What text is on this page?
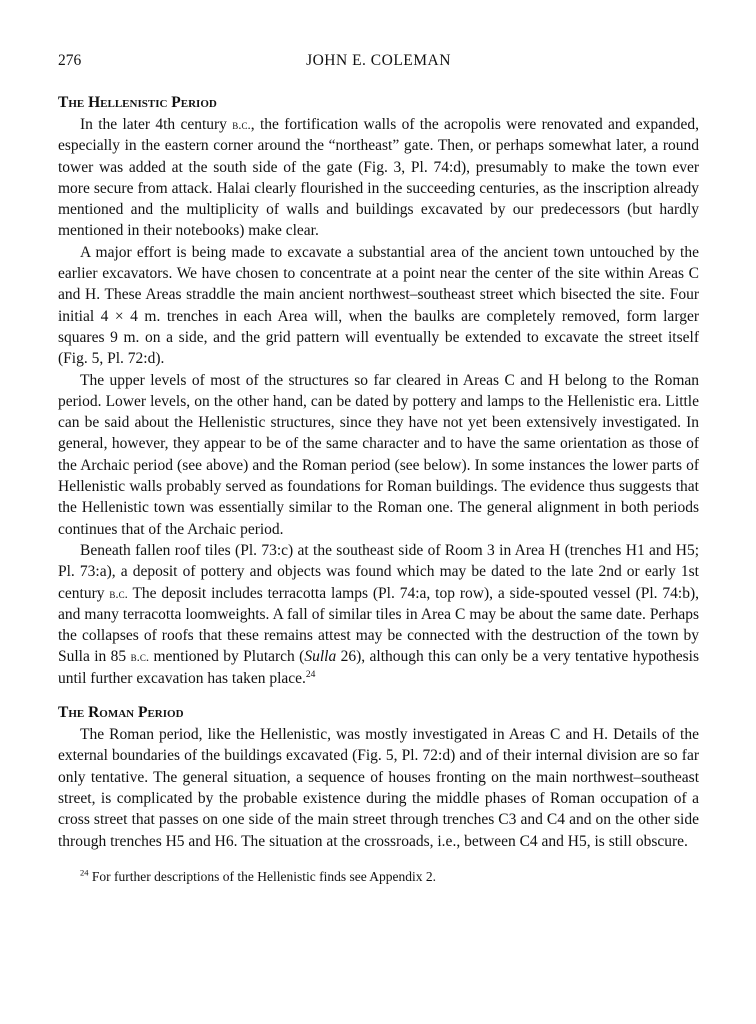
276	JOHN E. COLEMAN
The Hellenistic Period

In the later 4th century b.c., the fortification walls of the acropolis were renovated and expanded, especially in the eastern corner around the “northeast” gate. Then, or perhaps somewhat later, a round tower was added at the south side of the gate (Fig. 3, Pl. 74:d), presumably to make the town ever more secure from attack. Halai clearly flourished in the succeeding centuries, as the inscription already mentioned and the multiplicity of walls and buildings excavated by our predecessors (but hardly mentioned in their notebooks) make clear.

A major effort is being made to excavate a substantial area of the ancient town untouched by the earlier excavators. We have chosen to concentrate at a point near the center of the site within Areas C and H. These Areas straddle the main ancient northwest–southeast street which bisected the site. Four initial 4 × 4 m. trenches in each Area will, when the baulks are completely removed, form larger squares 9 m. on a side, and the grid pattern will eventually be extended to excavate the street itself (Fig. 5, Pl. 72:d).

The upper levels of most of the structures so far cleared in Areas C and H belong to the Roman period. Lower levels, on the other hand, can be dated by pottery and lamps to the Hellenistic era. Little can be said about the Hellenistic structures, since they have not yet been extensively investigated. In general, however, they appear to be of the same character and to have the same orientation as those of the Archaic period (see above) and the Roman period (see below). In some instances the lower parts of Hellenistic walls probably served as foundations for Roman buildings. The evidence thus suggests that the Hellenistic town was essentially similar to the Roman one. The general alignment in both periods continues that of the Archaic period.

Beneath fallen roof tiles (Pl. 73:c) at the southeast side of Room 3 in Area H (trenches H1 and H5; Pl. 73:a), a deposit of pottery and objects was found which may be dated to the late 2nd or early 1st century b.c. The deposit includes terracotta lamps (Pl. 74:a, top row), a side-spouted vessel (Pl. 74:b), and many terracotta loomweights. A fall of similar tiles in Area C may be about the same date. Perhaps the collapses of roofs that these remains attest may be connected with the destruction of the town by Sulla in 85 b.c. mentioned by Plutarch (Sulla 26), although this can only be a very tentative hypothesis until further excavation has taken place.$^{24}$

The Roman Period

The Roman period, like the Hellenistic, was mostly investigated in Areas C and H. Details of the external boundaries of the buildings excavated (Fig. 5, Pl. 72:d) and of their internal division are so far only tentative. The general situation, a sequence of houses fronting on the main northwest–southeast street, is complicated by the probable existence during the middle phases of Roman occupation of a cross street that passes on one side of the main street through trenches C3 and C4 and on the other side through trenches H5 and H6. The situation at the crossroads, i.e., between C4 and H5, is still obscure.

$^{24}$ For further descriptions of the Hellenistic finds see Appendix 2.
